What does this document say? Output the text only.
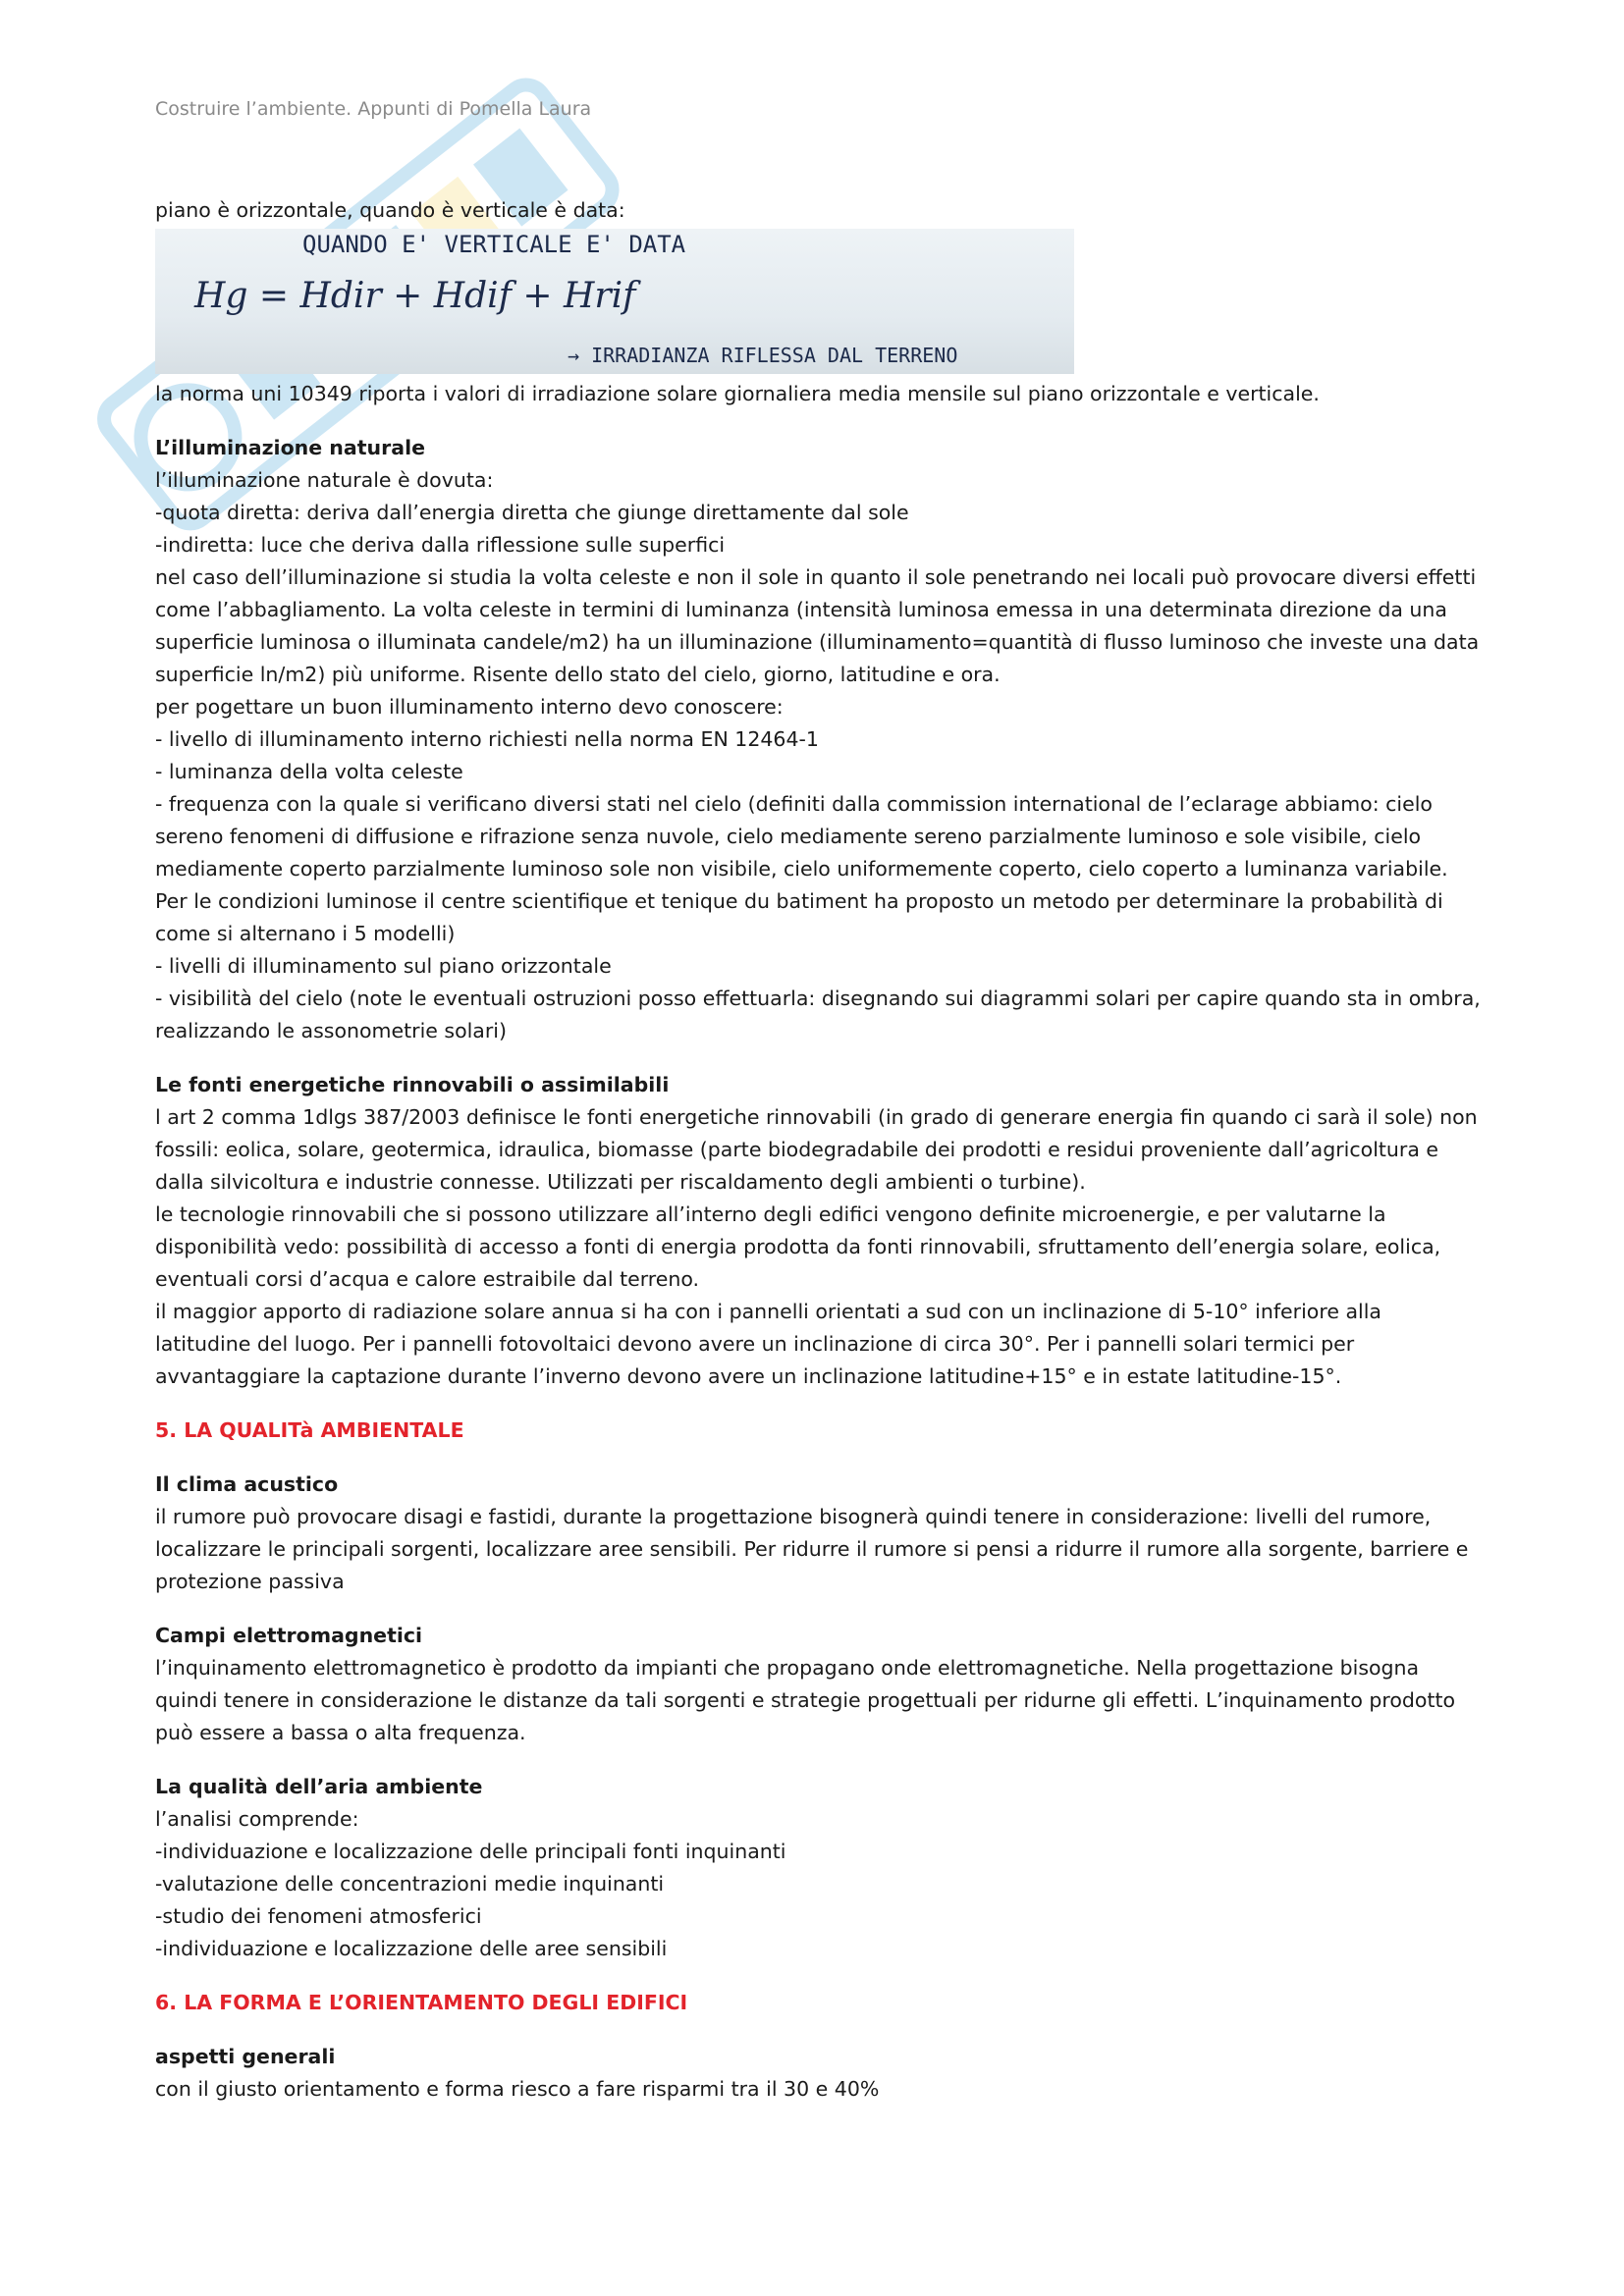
Costruire l’ambiente. Appunti di Pomella Laura

piano è orizzontale, quando è verticale è data:

QUANDO E' VERTICALE E' DATA
Hg = Hdir + Hdif + Hrif
→ IRRADIANZA RIFLESSA DAL TERRENO

la norma uni 10349 riporta i valori di irradiazione solare giornaliera media mensile sul piano orizzontale e verticale.

L’illuminazione naturale

l’illuminazione naturale è dovuta:

-quota diretta: deriva dall’energia diretta che giunge direttamente dal sole

-indiretta: luce che deriva dalla riflessione sulle superfici

nel caso dell’illuminazione si studia la volta celeste e non il sole in quanto il sole penetrando nei locali può provocare diversi effetti come l’abbagliamento. La volta celeste in termini di luminanza (intensità luminosa emessa in una determinata direzione da una superficie luminosa o illuminata candele/m2) ha un illuminazione (illuminamento=quantità di flusso luminoso che investe una data superficie ln/m2) più uniforme. Risente dello stato del cielo, giorno, latitudine e ora.

per pogettare un buon illuminamento interno devo conoscere:

- livello di illuminamento interno richiesti nella norma EN 12464-1

- luminanza della volta celeste

- frequenza con la quale si verificano diversi stati nel cielo (definiti dalla commission international de l’eclarage abbiamo: cielo sereno fenomeni di diffusione e rifrazione senza nuvole, cielo mediamente sereno parzialmente luminoso e sole visibile, cielo mediamente coperto parzialmente luminoso sole non visibile, cielo uniformemente coperto, cielo coperto a luminanza variabile. Per le condizioni luminose il centre scientifique et tenique du batiment ha proposto un metodo per determinare la probabilità di come si alternano i 5 modelli)

- livelli di illuminamento sul piano orizzontale

- visibilità del cielo (note le eventuali ostruzioni posso effettuarla: disegnando sui diagrammi solari per capire quando sta in ombra, realizzando le assonometrie solari)

Le fonti energetiche rinnovabili o assimilabili

l art 2 comma 1dlgs 387/2003 definisce le fonti energetiche rinnovabili (in grado di generare energia fin quando ci sarà il sole) non fossili: eolica, solare, geotermica, idraulica, biomasse (parte biodegradabile dei prodotti e residui proveniente dall’agricoltura e dalla silvicoltura e industrie connesse. Utilizzati per riscaldamento degli ambienti o turbine).

le tecnologie rinnovabili che si possono utilizzare all’interno degli edifici vengono definite microenergie, e per valutarne la disponibilità vedo: possibilità di accesso a fonti di energia prodotta da fonti rinnovabili, sfruttamento dell’energia solare, eolica, eventuali corsi d’acqua e calore estraibile dal terreno.

il maggior apporto di radiazione solare annua si ha con i pannelli orientati a sud con un inclinazione di 5-10° inferiore alla latitudine del luogo. Per i pannelli fotovoltaici devono avere un inclinazione di circa 30°. Per i pannelli solari termici per avvantaggiare la captazione durante l’inverno devono avere un inclinazione latitudine+15° e in estate latitudine-15°.

5. LA QUALITà AMBIENTALE

Il clima acustico

il rumore può provocare disagi e fastidi, durante la progettazione bisognerà quindi tenere in considerazione: livelli del rumore, localizzare le principali sorgenti, localizzare aree sensibili. Per ridurre il rumore si pensi a ridurre il rumore alla sorgente, barriere e protezione passiva

Campi elettromagnetici

l’inquinamento elettromagnetico è prodotto da impianti che propagano onde elettromagnetiche. Nella progettazione bisogna quindi tenere in considerazione le distanze da tali sorgenti e strategie progettuali per ridurne gli effetti. L’inquinamento prodotto può essere a bassa o alta frequenza.

La qualità dell’aria ambiente

l’analisi comprende:

-individuazione e localizzazione delle principali fonti inquinanti

-valutazione delle concentrazioni medie inquinanti

-studio dei fenomeni atmosferici

-individuazione e localizzazione delle aree sensibili

6. LA FORMA E L’ORIENTAMENTO DEGLI EDIFICI

aspetti generali

con il giusto orientamento e forma riesco a fare risparmi tra il 30 e 40%
